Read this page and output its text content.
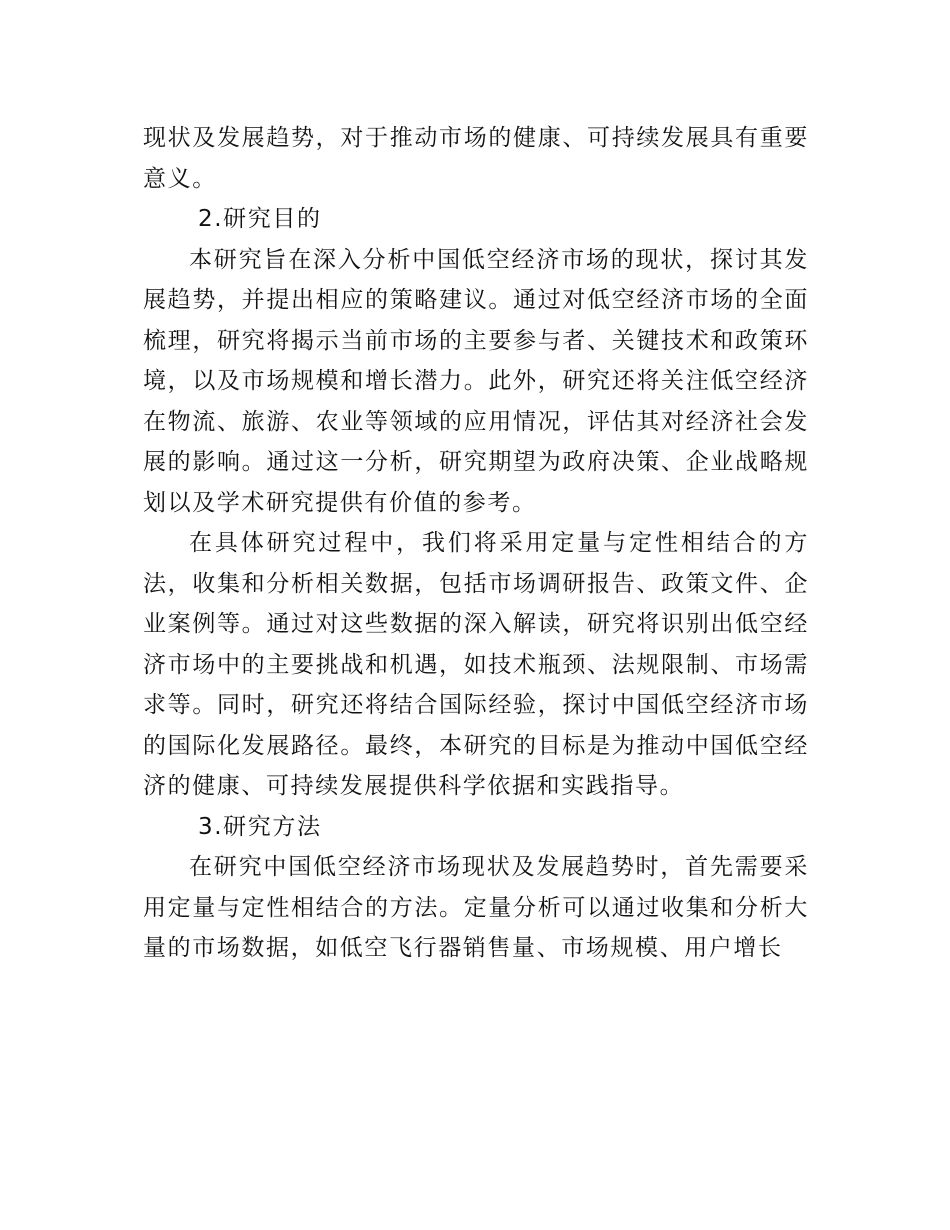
现状及发展趋势，对于推动市场的健康、可持续发展具有重要意义。

2.研究目的

本研究旨在深入分析中国低空经济市场的现状，探讨其发展趋势，并提出相应的策略建议。通过对低空经济市场的全面梳理，研究将揭示当前市场的主要参与者、关键技术和政策环境，以及市场规模和增长潜力。此外，研究还将关注低空经济在物流、旅游、农业等领域的应用情况，评估其对经济社会发展的影响。通过这一分析，研究期望为政府决策、企业战略规划以及学术研究提供有价值的参考。

在具体研究过程中，我们将采用定量与定性相结合的方法，收集和分析相关数据，包括市场调研报告、政策文件、企业案例等。通过对这些数据的深入解读，研究将识别出低空经济市场中的主要挑战和机遇，如技术瓶颈、法规限制、市场需求等。同时，研究还将结合国际经验，探讨中国低空经济市场的国际化发展路径。最终，本研究的目标是为推动中国低空经济的健康、可持续发展提供科学依据和实践指导。

3.研究方法

在研究中国低空经济市场现状及发展趋势时，首先需要采用定量与定性相结合的方法。定量分析可以通过收集和分析大量的市场数据，如低空飞行器销售量、市场规模、用户增长
